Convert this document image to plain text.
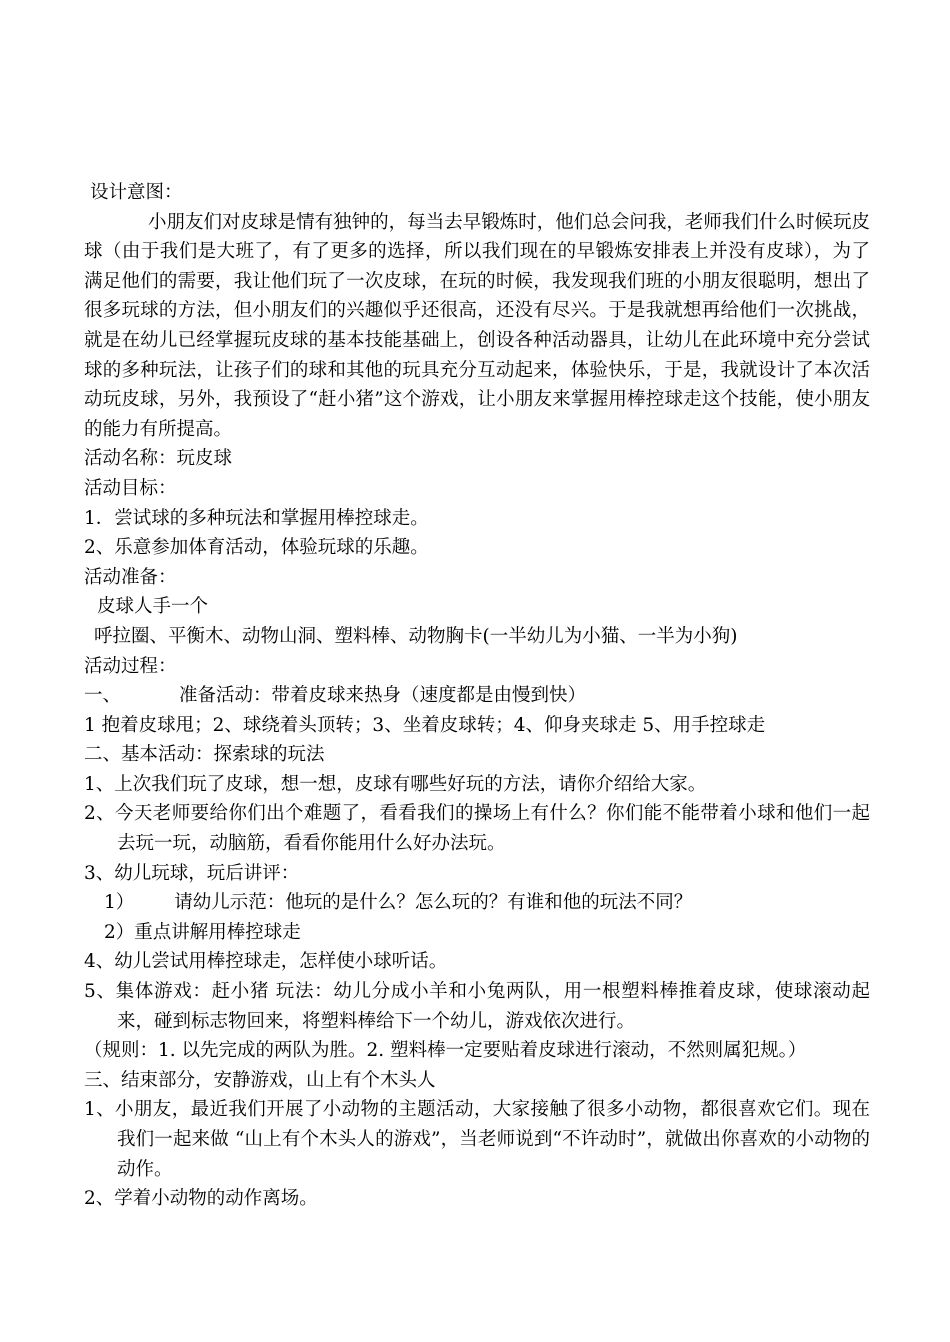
设计意图：

小朋友们对皮球是情有独钟的，每当去早锻炼时，他们总会问我，老师我们什么时候玩皮球（由于我们是大班了，有了更多的选择，所以我们现在的早锻炼安排表上并没有皮球），为了满足他们的需要，我让他们玩了一次皮球，在玩的时候，我发现我们班的小朋友很聪明，想出了很多玩球的方法，但小朋友们的兴趣似乎还很高，还没有尽兴。于是我就想再给他们一次挑战，就是在幼儿已经掌握玩皮球的基本技能基础上，创设各种活动器具，让幼儿在此环境中充分尝试球的多种玩法，让孩子们的球和其他的玩具充分互动起来，体验快乐，于是，我就设计了本次活动玩皮球，另外，我预设了“赶小猪”这个游戏，让小朋友来掌握用棒控球走这个技能，使小朋友的能力有所提高。

活动名称：玩皮球

活动目标：

1．尝试球的多种玩法和掌握用棒控球走。

2、乐意参加体育活动，体验玩球的乐趣。

活动准备：

皮球人手一个

呼拉圈、平衡木、动物山洞、塑料棒、动物胸卡(一半幼儿为小猫、一半为小狗)

活动过程：

一、	准备活动：带着皮球来热身（速度都是由慢到快）

1 抱着皮球甩；2、球绕着头顶转；3、坐着皮球转；4、仰身夹球走 5、用手控球走

二、基本活动：探索球的玩法

1、上次我们玩了皮球，想一想，皮球有哪些好玩的方法，请你介绍给大家。

2、今天老师要给你们出个难题了，看看我们的操场上有什么？你们能不能带着小球和他们一起去玩一玩，动脑筋，看看你能用什么好办法玩。

3、幼儿玩球，玩后讲评：

1） 请幼儿示范：他玩的是什么？怎么玩的？有谁和他的玩法不同？

2）重点讲解用棒控球走

4、幼儿尝试用棒控球走，怎样使小球听话。

5、集体游戏：赶小猪 玩法：幼儿分成小羊和小兔两队，用一根塑料棒推着皮球，使球滚动起来，碰到标志物回来，将塑料棒给下一个幼儿，游戏依次进行。

（规则：1. 以先完成的两队为胜。2. 塑料棒一定要贴着皮球进行滚动，不然则属犯规。）

三、结束部分，安静游戏，山上有个木头人

1、小朋友，最近我们开展了小动物的主题活动，大家接触了很多小动物，都很喜欢它们。现在我们一起来做 “山上有个木头人的游戏”，当老师说到“不许动时”，就做出你喜欢的小动物的动作。

2、学着小动物的动作离场。
